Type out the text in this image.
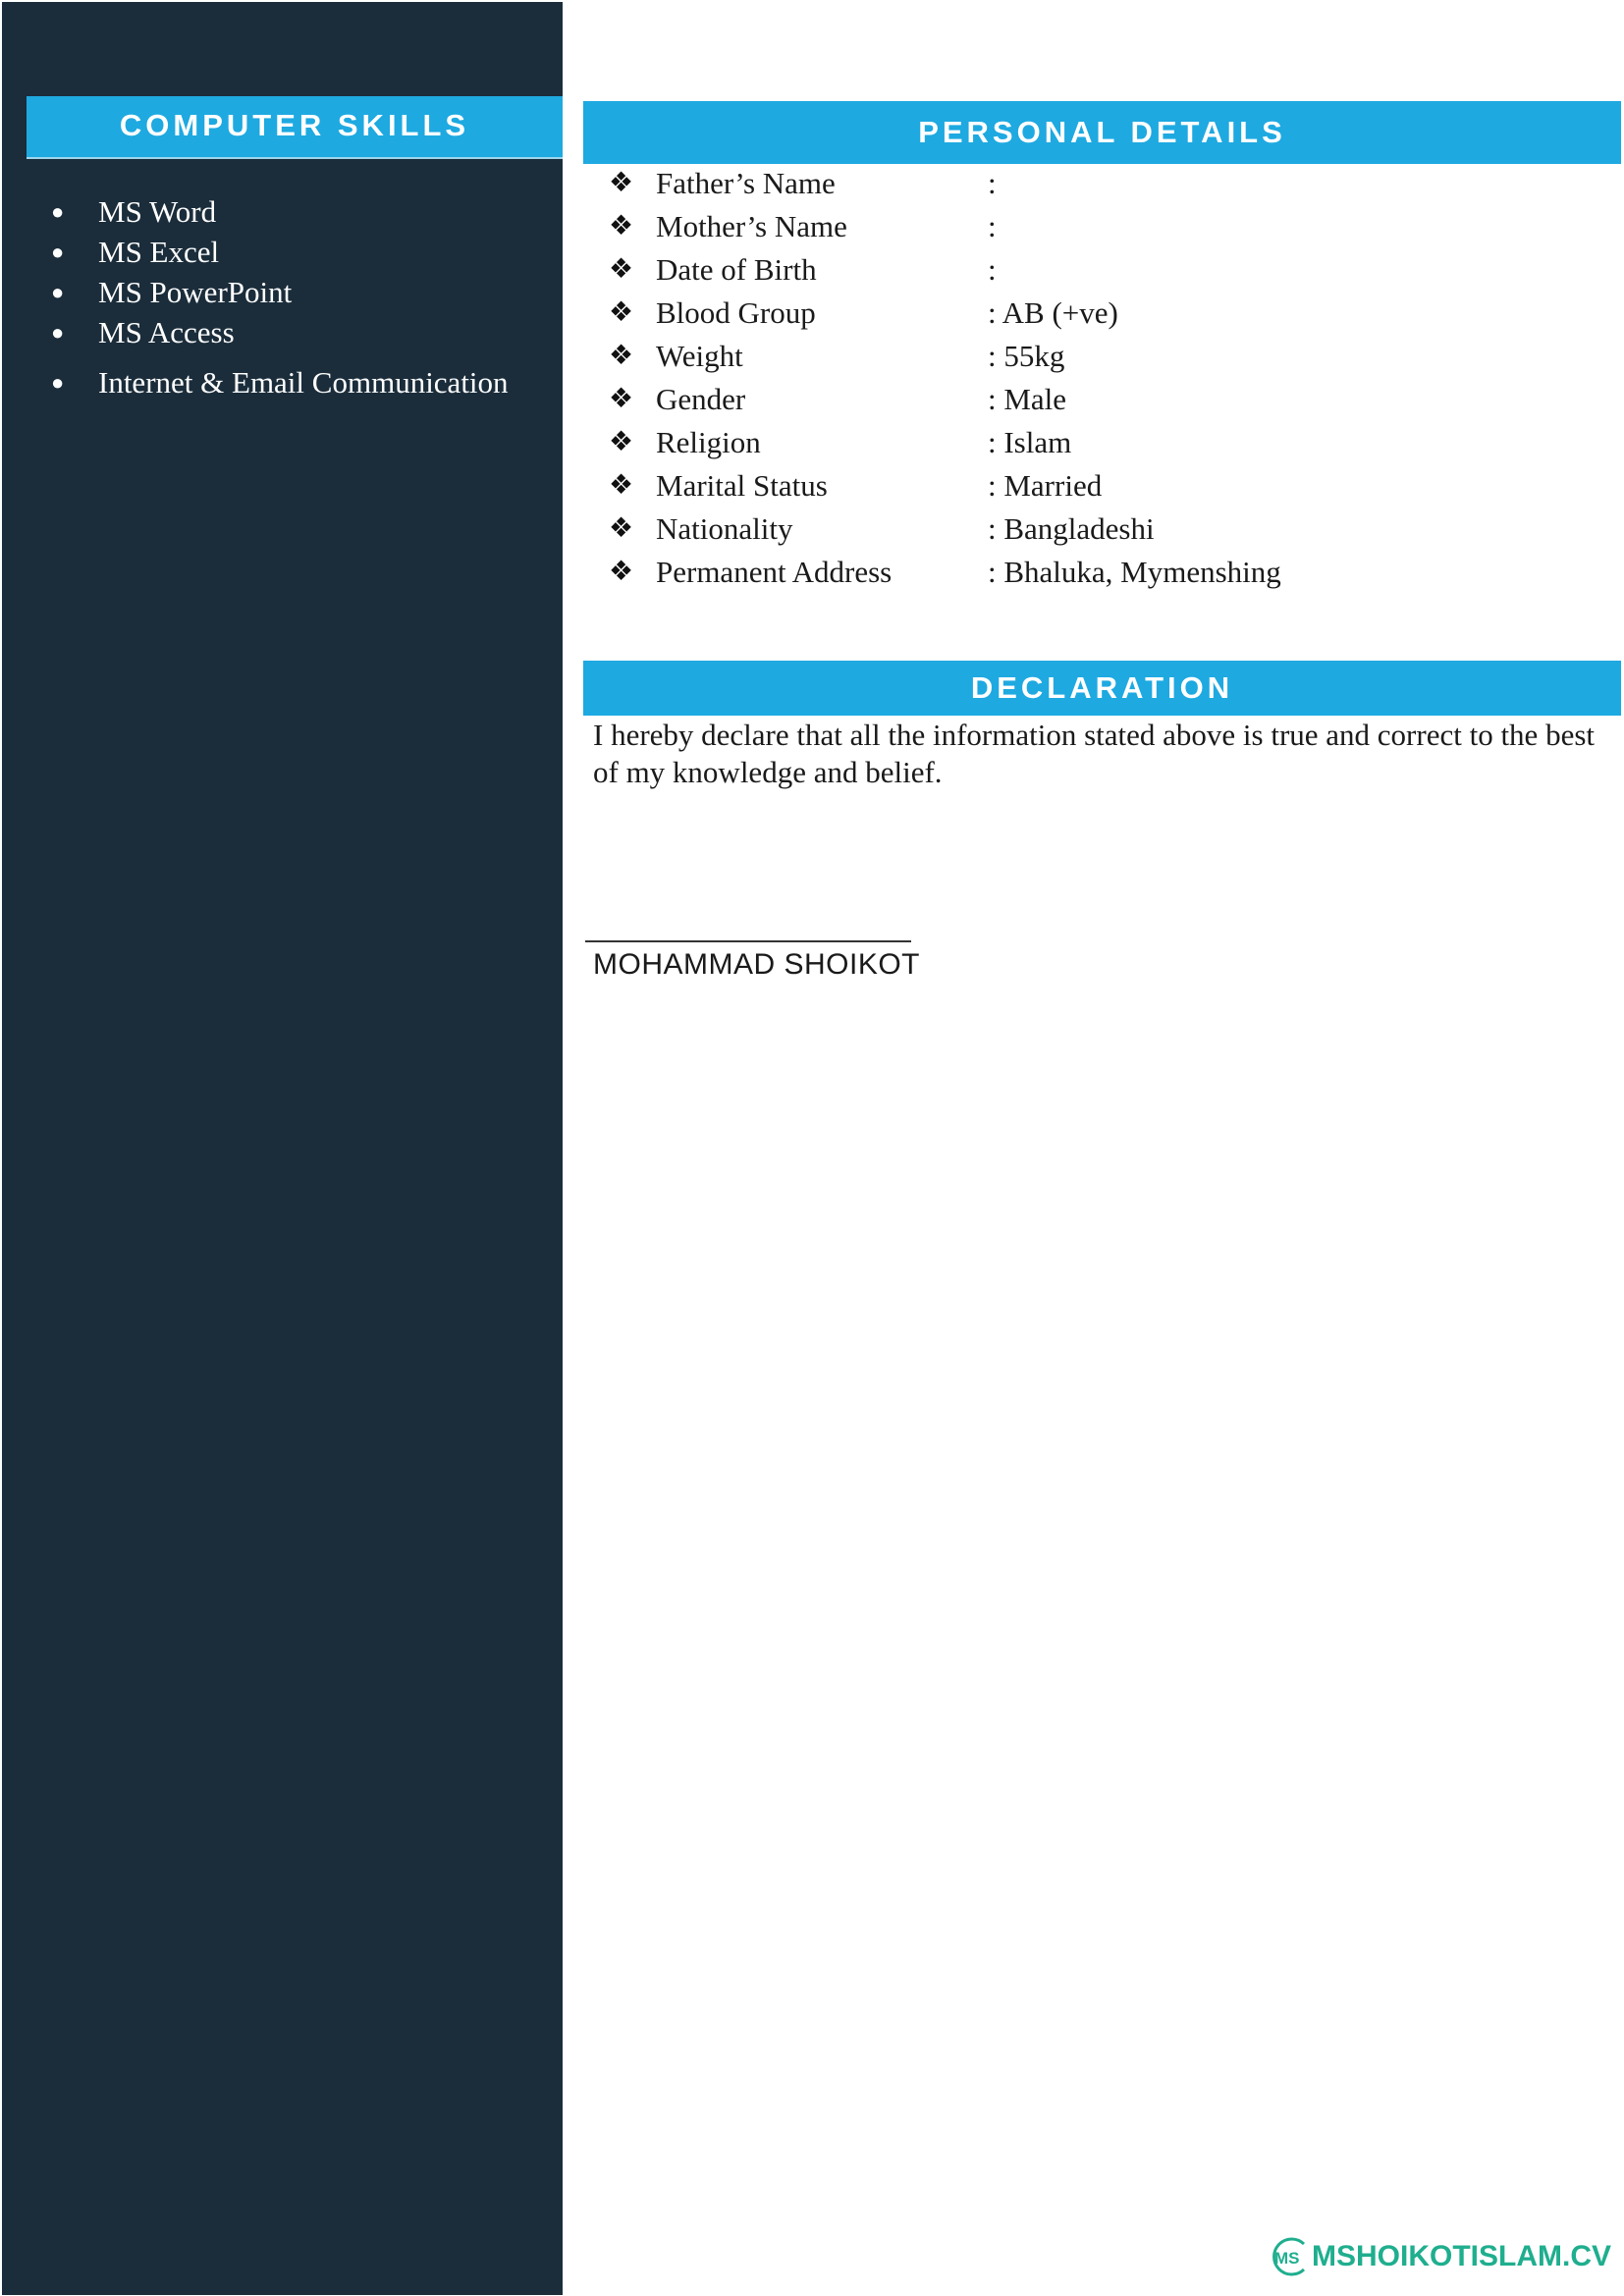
COMPUTER SKILLS
● MS Word
● MS Excel
● MS PowerPoint
● MS Access
● Internet & Email Communication
PERSONAL DETAILS
❖ Father’s Name	:
❖ Mother’s Name	:
❖ Date of Birth	:
❖ Blood Group	: AB (+ve)
❖ Weight	: 55kg
❖ Gender	: Male
❖ Religion	: Islam
❖ Marital Status	: Married
❖ Nationality	: Bangladeshi
❖ Permanent Address	: Bhaluka, Mymenshing
DECLARATION

I hereby declare that all the information stated above is true and correct to the best of my knowledge and belief.

MOHAMMAD SHOIKOT
MS MSHOIKOTISLAM.CV
